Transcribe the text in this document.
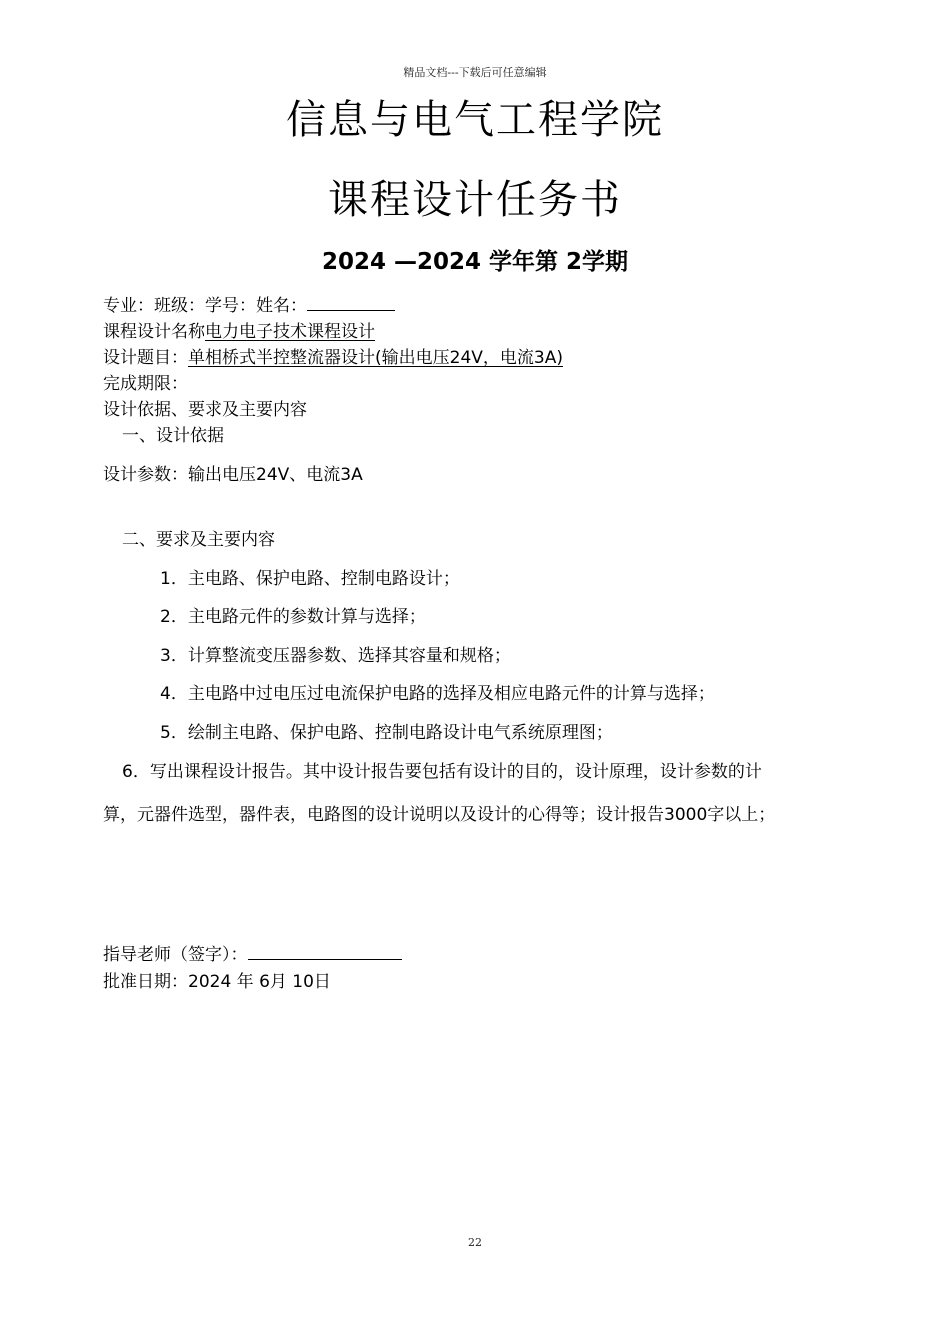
精品文档---下载后可任意编辑
信息与电气工程学院
课程设计任务书
2024 —2024 学年第 2学期
专业：班级：学号：姓名：
课程设计名称电力电子技术课程设计
设计题目：单相桥式半控整流器设计(输出电压24V，电流3A)
完成期限：
设计依据、要求及主要内容
一、设计依据
设计参数：输出电压24V、电流3A
二、要求及主要内容
1．主电路、保护电路、控制电路设计；
2．主电路元件的参数计算与选择；
3．计算整流变压器参数、选择其容量和规格；
4．主电路中过电压过电流保护电路的选择及相应电路元件的计算与选择；
5．绘制主电路、保护电路、控制电路设计电气系统原理图；
6．写出课程设计报告。其中设计报告要包括有设计的目的，设计原理，设计参数的计
算，元器件选型，器件表，电路图的设计说明以及设计的心得等；设计报告3000字以上；
指导老师（签字）：
批准日期：2024 年 6月 10日
22
